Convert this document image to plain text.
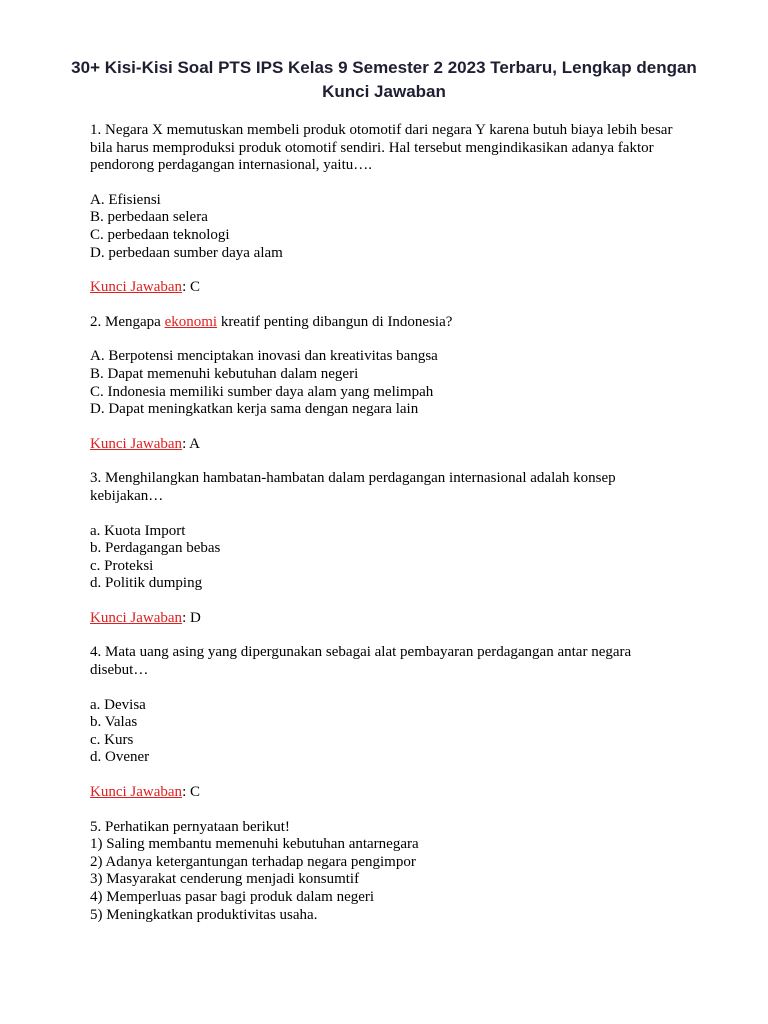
30+ Kisi-Kisi Soal PTS IPS Kelas 9 Semester 2 2023 Terbaru, Lengkap dengan Kunci Jawaban
1. Negara X memutuskan membeli produk otomotif dari negara Y karena butuh biaya lebih besar
bila harus memproduksi produk otomotif sendiri. Hal tersebut mengindikasikan adanya faktor
pendorong perdagangan internasional, yaitu….
A. Efisiensi
B. perbedaan selera
C. perbedaan teknologi
D. perbedaan sumber daya alam
Kunci Jawaban: C
2. Mengapa ekonomi kreatif penting dibangun di Indonesia?
A. Berpotensi menciptakan inovasi dan kreativitas bangsa
B. Dapat memenuhi kebutuhan dalam negeri
C. Indonesia memiliki sumber daya alam yang melimpah
D. Dapat meningkatkan kerja sama dengan negara lain
Kunci Jawaban: A
3. Menghilangkan hambatan-hambatan dalam perdagangan internasional adalah konsep
kebijakan…
a. Kuota Import
b. Perdagangan bebas
c. Proteksi
d. Politik dumping
Kunci Jawaban: D
4. Mata uang asing yang dipergunakan sebagai alat pembayaran perdagangan antar negara
disebut…
a. Devisa
b. Valas
c. Kurs
d. Ovener
Kunci Jawaban: C
5. Perhatikan pernyataan berikut!
1) Saling membantu memenuhi kebutuhan antarnegara
2) Adanya ketergantungan terhadap negara pengimpor
3) Masyarakat cenderung menjadi konsumtif
4) Memperluas pasar bagi produk dalam negeri
5) Meningkatkan produktivitas usaha.
